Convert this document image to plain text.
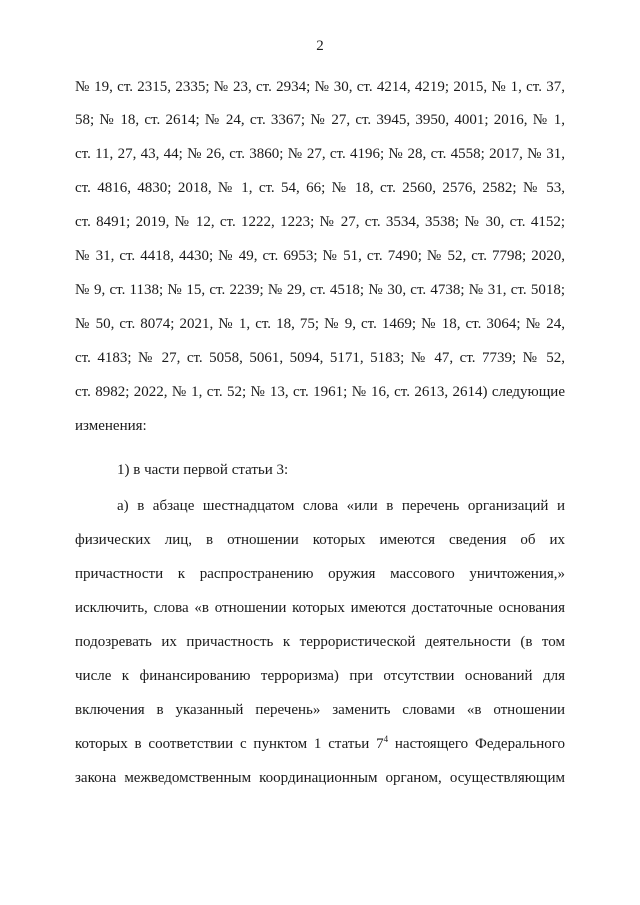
2
№ 19, ст. 2315, 2335; № 23, ст. 2934; № 30, ст. 4214, 4219; 2015, № 1, ст. 37,
58; № 18, ст. 2614; № 24, ст. 3367; № 27, ст. 3945, 3950, 4001; 2016, № 1,
ст. 11, 27, 43, 44; № 26, ст. 3860; № 27, ст. 4196; № 28, ст. 4558; 2017, № 31,
ст. 4816, 4830; 2018, № 1, ст. 54, 66; № 18, ст. 2560, 2576, 2582; № 53,
ст. 8491; 2019, № 12, ст. 1222, 1223; № 27, ст. 3534, 3538; № 30, ст. 4152;
№ 31, ст. 4418, 4430; № 49, ст. 6953; № 51, ст. 7490; № 52, ст. 7798; 2020,
№ 9, ст. 1138; № 15, ст. 2239; № 29, ст. 4518; № 30, ст. 4738; № 31, ст. 5018;
№ 50, ст. 8074; 2021, № 1, ст. 18, 75; № 9, ст. 1469; № 18, ст. 3064; № 24,
ст. 4183; № 27, ст. 5058, 5061, 5094, 5171, 5183; № 47, ст. 7739; № 52,
ст. 8982; 2022, № 1, ст. 52; № 13, ст. 1961; № 16, ст. 2613, 2614) следующие
изменения:
1) в части первой статьи 3:
а) в абзаце шестнадцатом слова «или в перечень организаций и
физических лиц, в отношении которых имеются сведения об их
причастности к распространению оружия массового уничтожения,»
исключить, слова «в отношении которых имеются достаточные основания
подозревать их причастность к террористической деятельности (в том
числе к финансированию терроризма) при отсутствии оснований для
включения в указанный перечень» заменить словами «в отношении
которых в соответствии с пунктом 1 статьи $7^4$ настоящего Федерального
закона межведомственным координационным органом, осуществляющим
